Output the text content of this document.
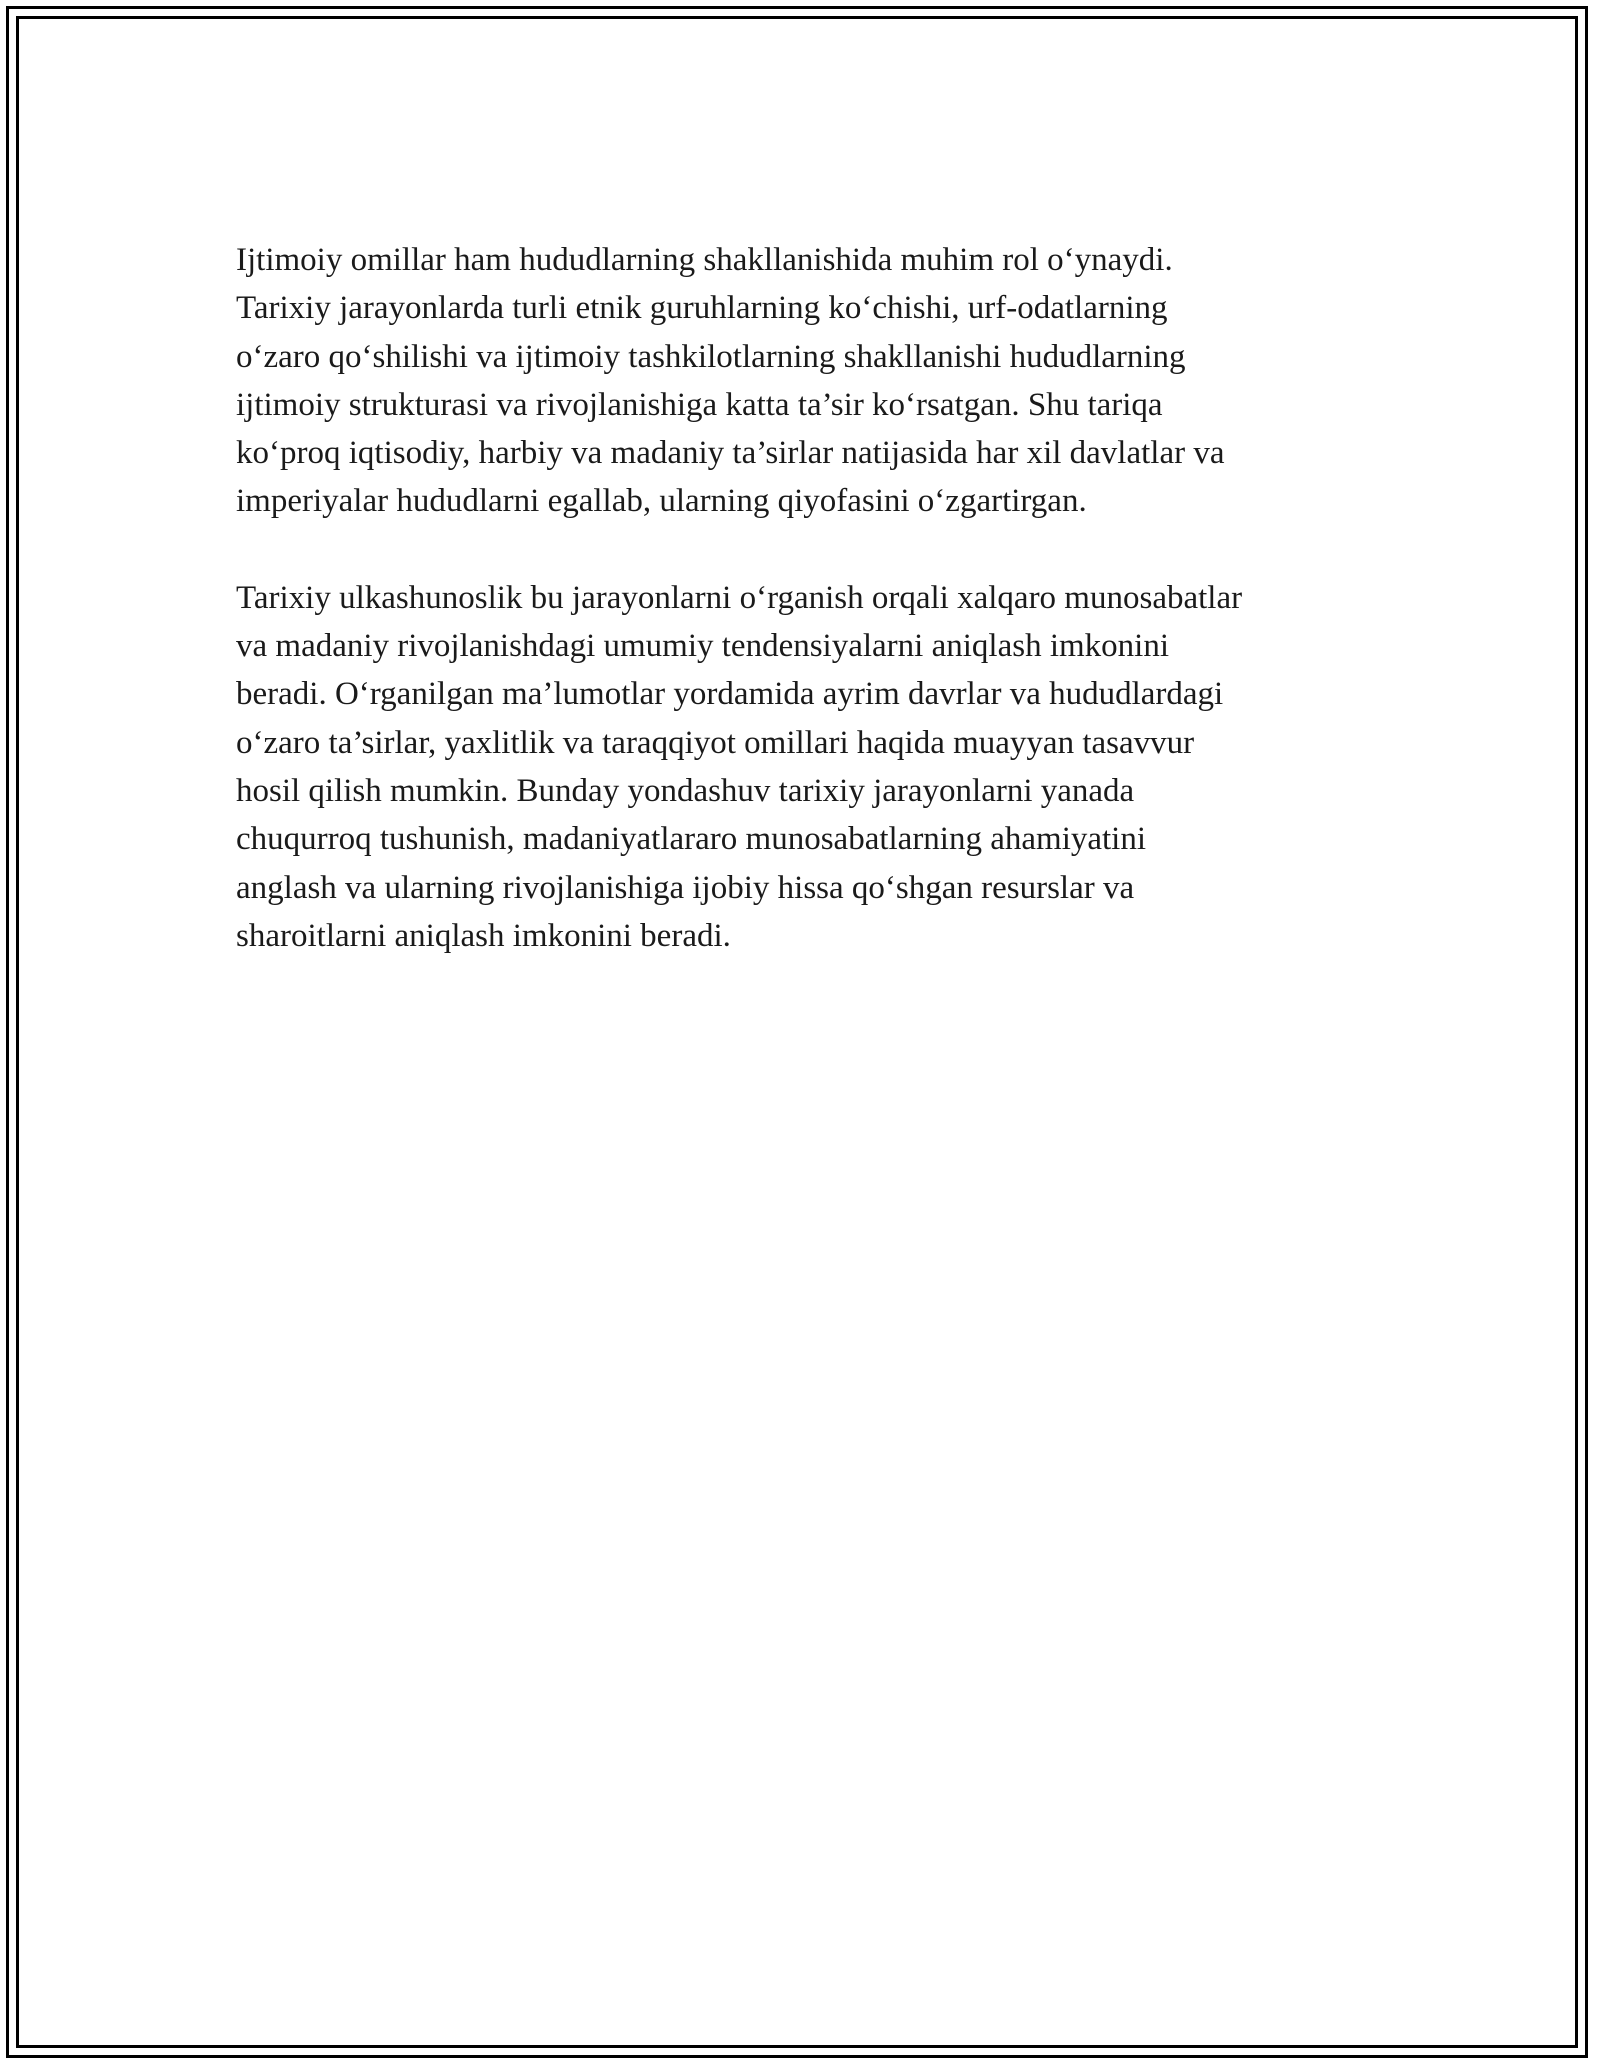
Ijtimoiy omillar ham hududlarning shakllanishida muhim rol o‘ynaydi.
Tarixiy jarayonlarda turli etnik guruhlarning ko‘chishi, urf-odatlarning
o‘zaro qo‘shilishi va ijtimoiy tashkilotlarning shakllanishi hududlarning
ijtimoiy strukturasi va rivojlanishiga katta ta’sir ko‘rsatgan. Shu tariqa
ko‘proq iqtisodiy, harbiy va madaniy ta’sirlar natijasida har xil davlatlar va
imperiyalar hududlarni egallab, ularning qiyofasini o‘zgartirgan.

Tarixiy ulkashunoslik bu jarayonlarni o‘rganish orqali xalqaro munosabatlar
va madaniy rivojlanishdagi umumiy tendensiyalarni aniqlash imkonini
beradi. O‘rganilgan ma’lumotlar yordamida ayrim davrlar va hududlardagi
o‘zaro ta’sirlar, yaxlitlik va taraqqiyot omillari haqida muayyan tasavvur
hosil qilish mumkin. Bunday yondashuv tarixiy jarayonlarni yanada
chuqurroq tushunish, madaniyatlararo munosabatlarning ahamiyatini
anglash va ularning rivojlanishiga ijobiy hissa qo‘shgan resurslar va
sharoitlarni aniqlash imkonini beradi.
